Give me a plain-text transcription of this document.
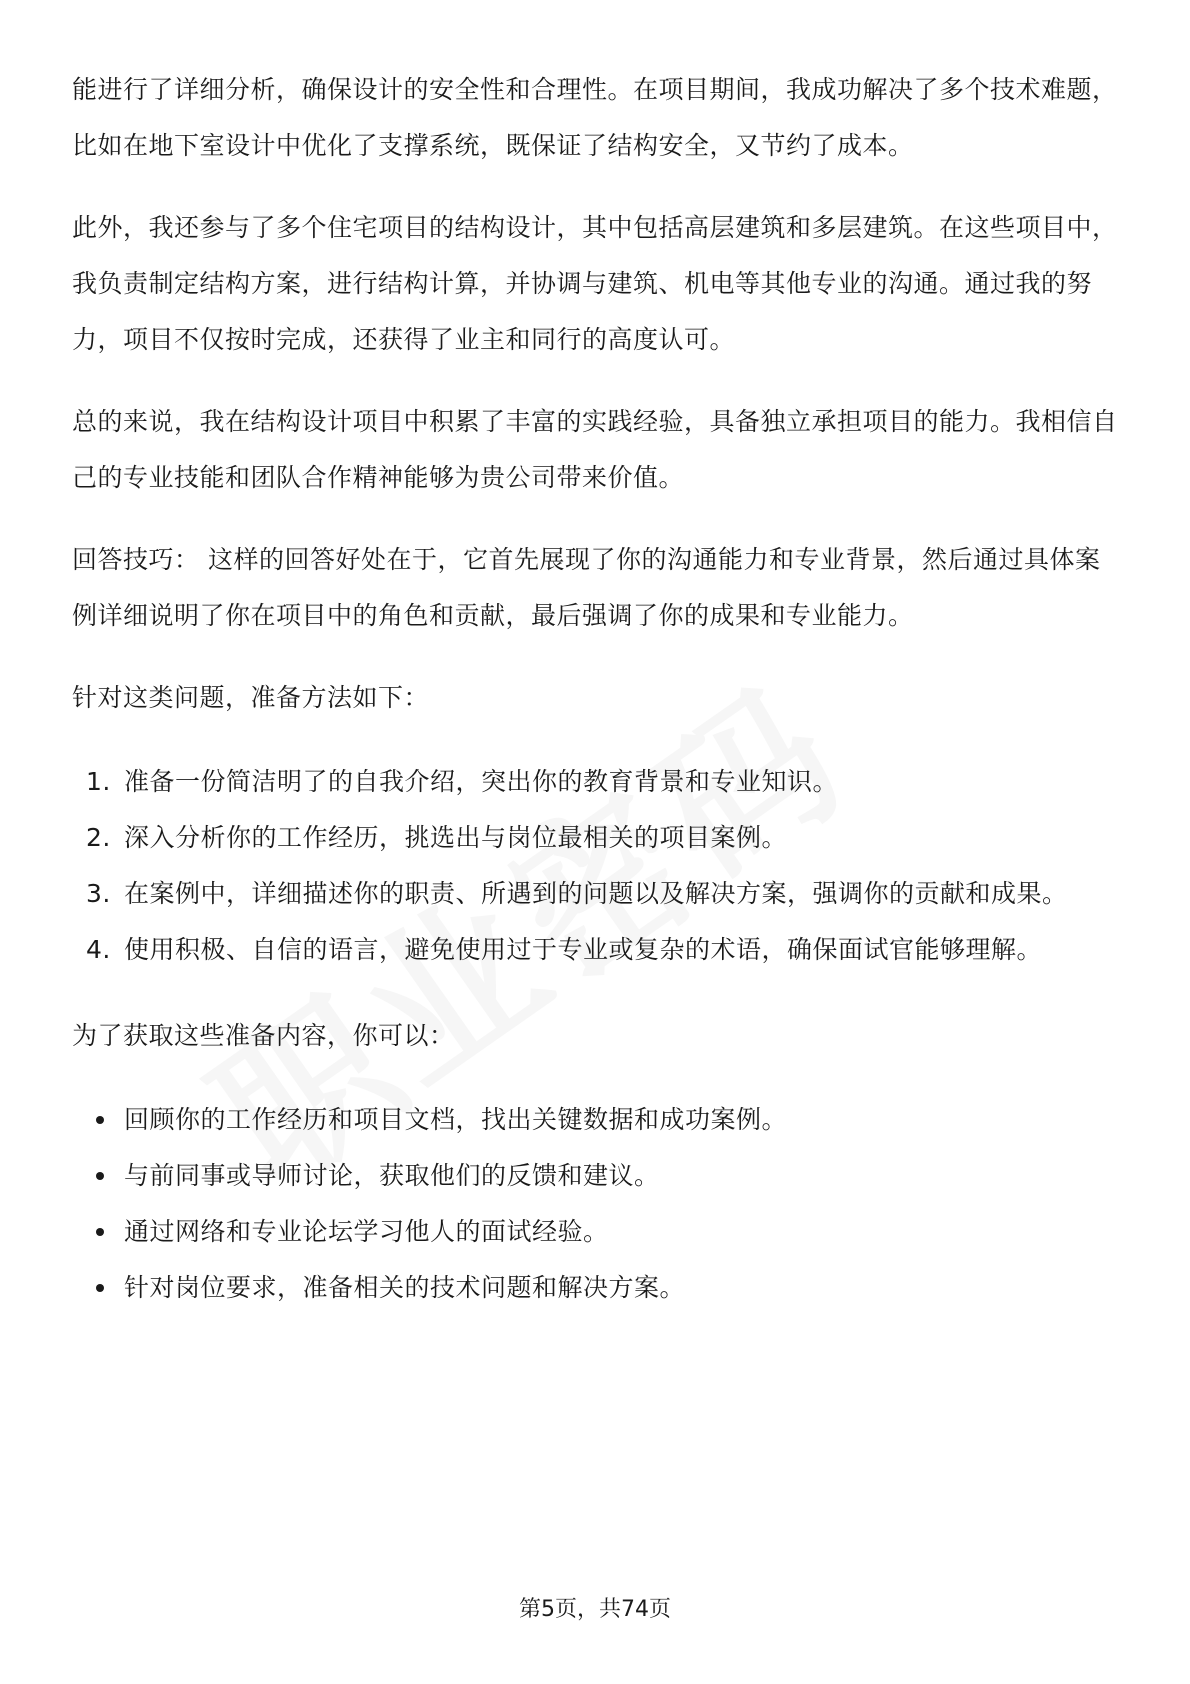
能进行了详细分析，确保设计的安全性和合理性。在项目期间，我成功解决了多个技术难题，比如在地下室设计中优化了支撑系统，既保证了结构安全，又节约了成本。

此外，我还参与了多个住宅项目的结构设计，其中包括高层建筑和多层建筑。在这些项目中，我负责制定结构方案，进行结构计算，并协调与建筑、机电等其他专业的沟通。通过我的努力，项目不仅按时完成，还获得了业主和同行的高度认可。

总的来说，我在结构设计项目中积累了丰富的实践经验，具备独立承担项目的能力。我相信自己的专业技能和团队合作精神能够为贵公司带来价值。

回答技巧： 这样的回答好处在于，它首先展现了你的沟通能力和专业背景，然后通过具体案例详细说明了你在项目中的角色和贡献，最后强调了你的成果和专业能力。

针对这类问题，准备方法如下：

1. 准备一份简洁明了的自我介绍，突出你的教育背景和专业知识。
2. 深入分析你的工作经历，挑选出与岗位最相关的项目案例。
3. 在案例中，详细描述你的职责、所遇到的问题以及解决方案，强调你的贡献和成果。
4. 使用积极、自信的语言，避免使用过于专业或复杂的术语，确保面试官能够理解。

为了获取这些准备内容，你可以：

回顾你的工作经历和项目文档，找出关键数据和成功案例。
与前同事或导师讨论，获取他们的反馈和建议。
通过网络和专业论坛学习他人的面试经验。
针对岗位要求，准备相关的技术问题和解决方案。
第5页，共74页
